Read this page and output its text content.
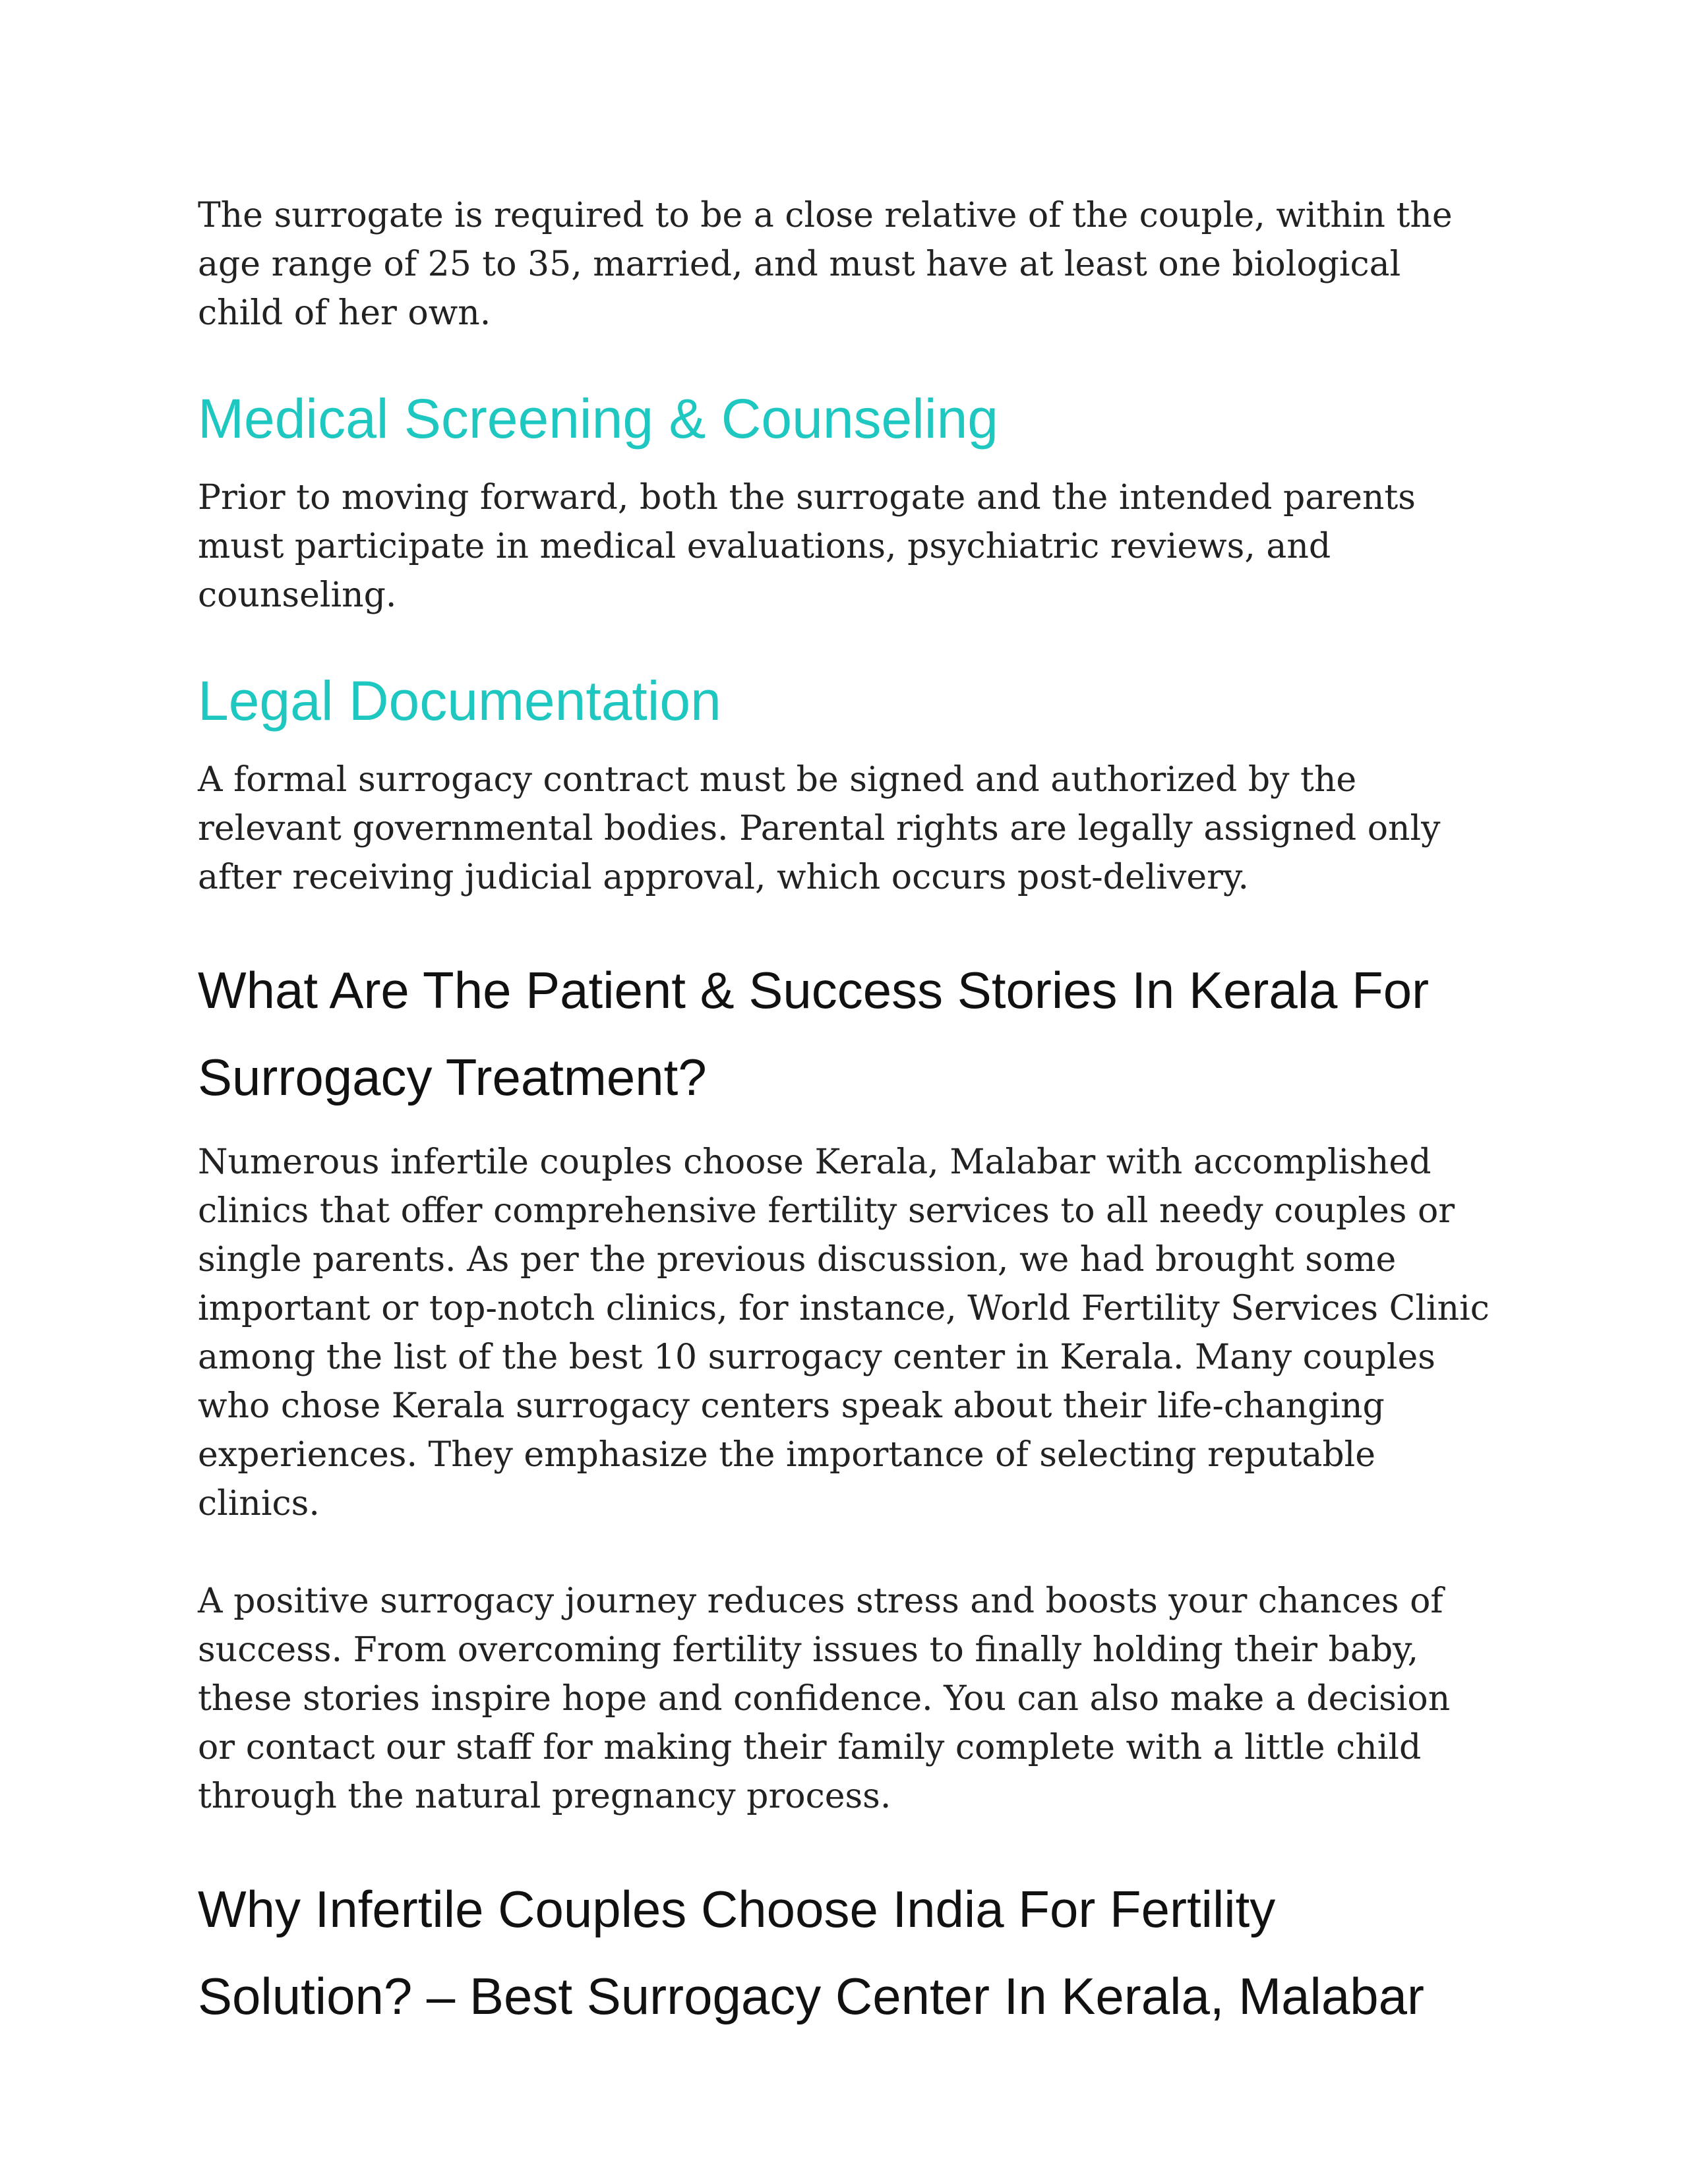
The surrogate is required to be a close relative of the couple, within the age range of 25 to 35, married, and must have at least one biological child of her own.

Medical Screening & Counseling

Prior to moving forward, both the surrogate and the intended parents must participate in medical evaluations, psychiatric reviews, and counseling.

Legal Documentation

A formal surrogacy contract must be signed and authorized by the relevant governmental bodies. Parental rights are legally assigned only after receiving judicial approval, which occurs post-delivery.

What Are The Patient & Success Stories In Kerala For Surrogacy Treatment?

Numerous infertile couples choose Kerala, Malabar with accomplished clinics that offer comprehensive fertility services to all needy couples or single parents. As per the previous discussion, we had brought some important or top-notch clinics, for instance, World Fertility Services Clinic among the list of the best 10 surrogacy center in Kerala. Many couples who chose Kerala surrogacy centers speak about their life-changing experiences. They emphasize the importance of selecting reputable clinics.

A positive surrogacy journey reduces stress and boosts your chances of success. From overcoming fertility issues to finally holding their baby, these stories inspire hope and confidence. You can also make a decision or contact our staff for making their family complete with a little child through the natural pregnancy process.

Why Infertile Couples Choose India For Fertility Solution? – Best Surrogacy Center In Kerala, Malabar
